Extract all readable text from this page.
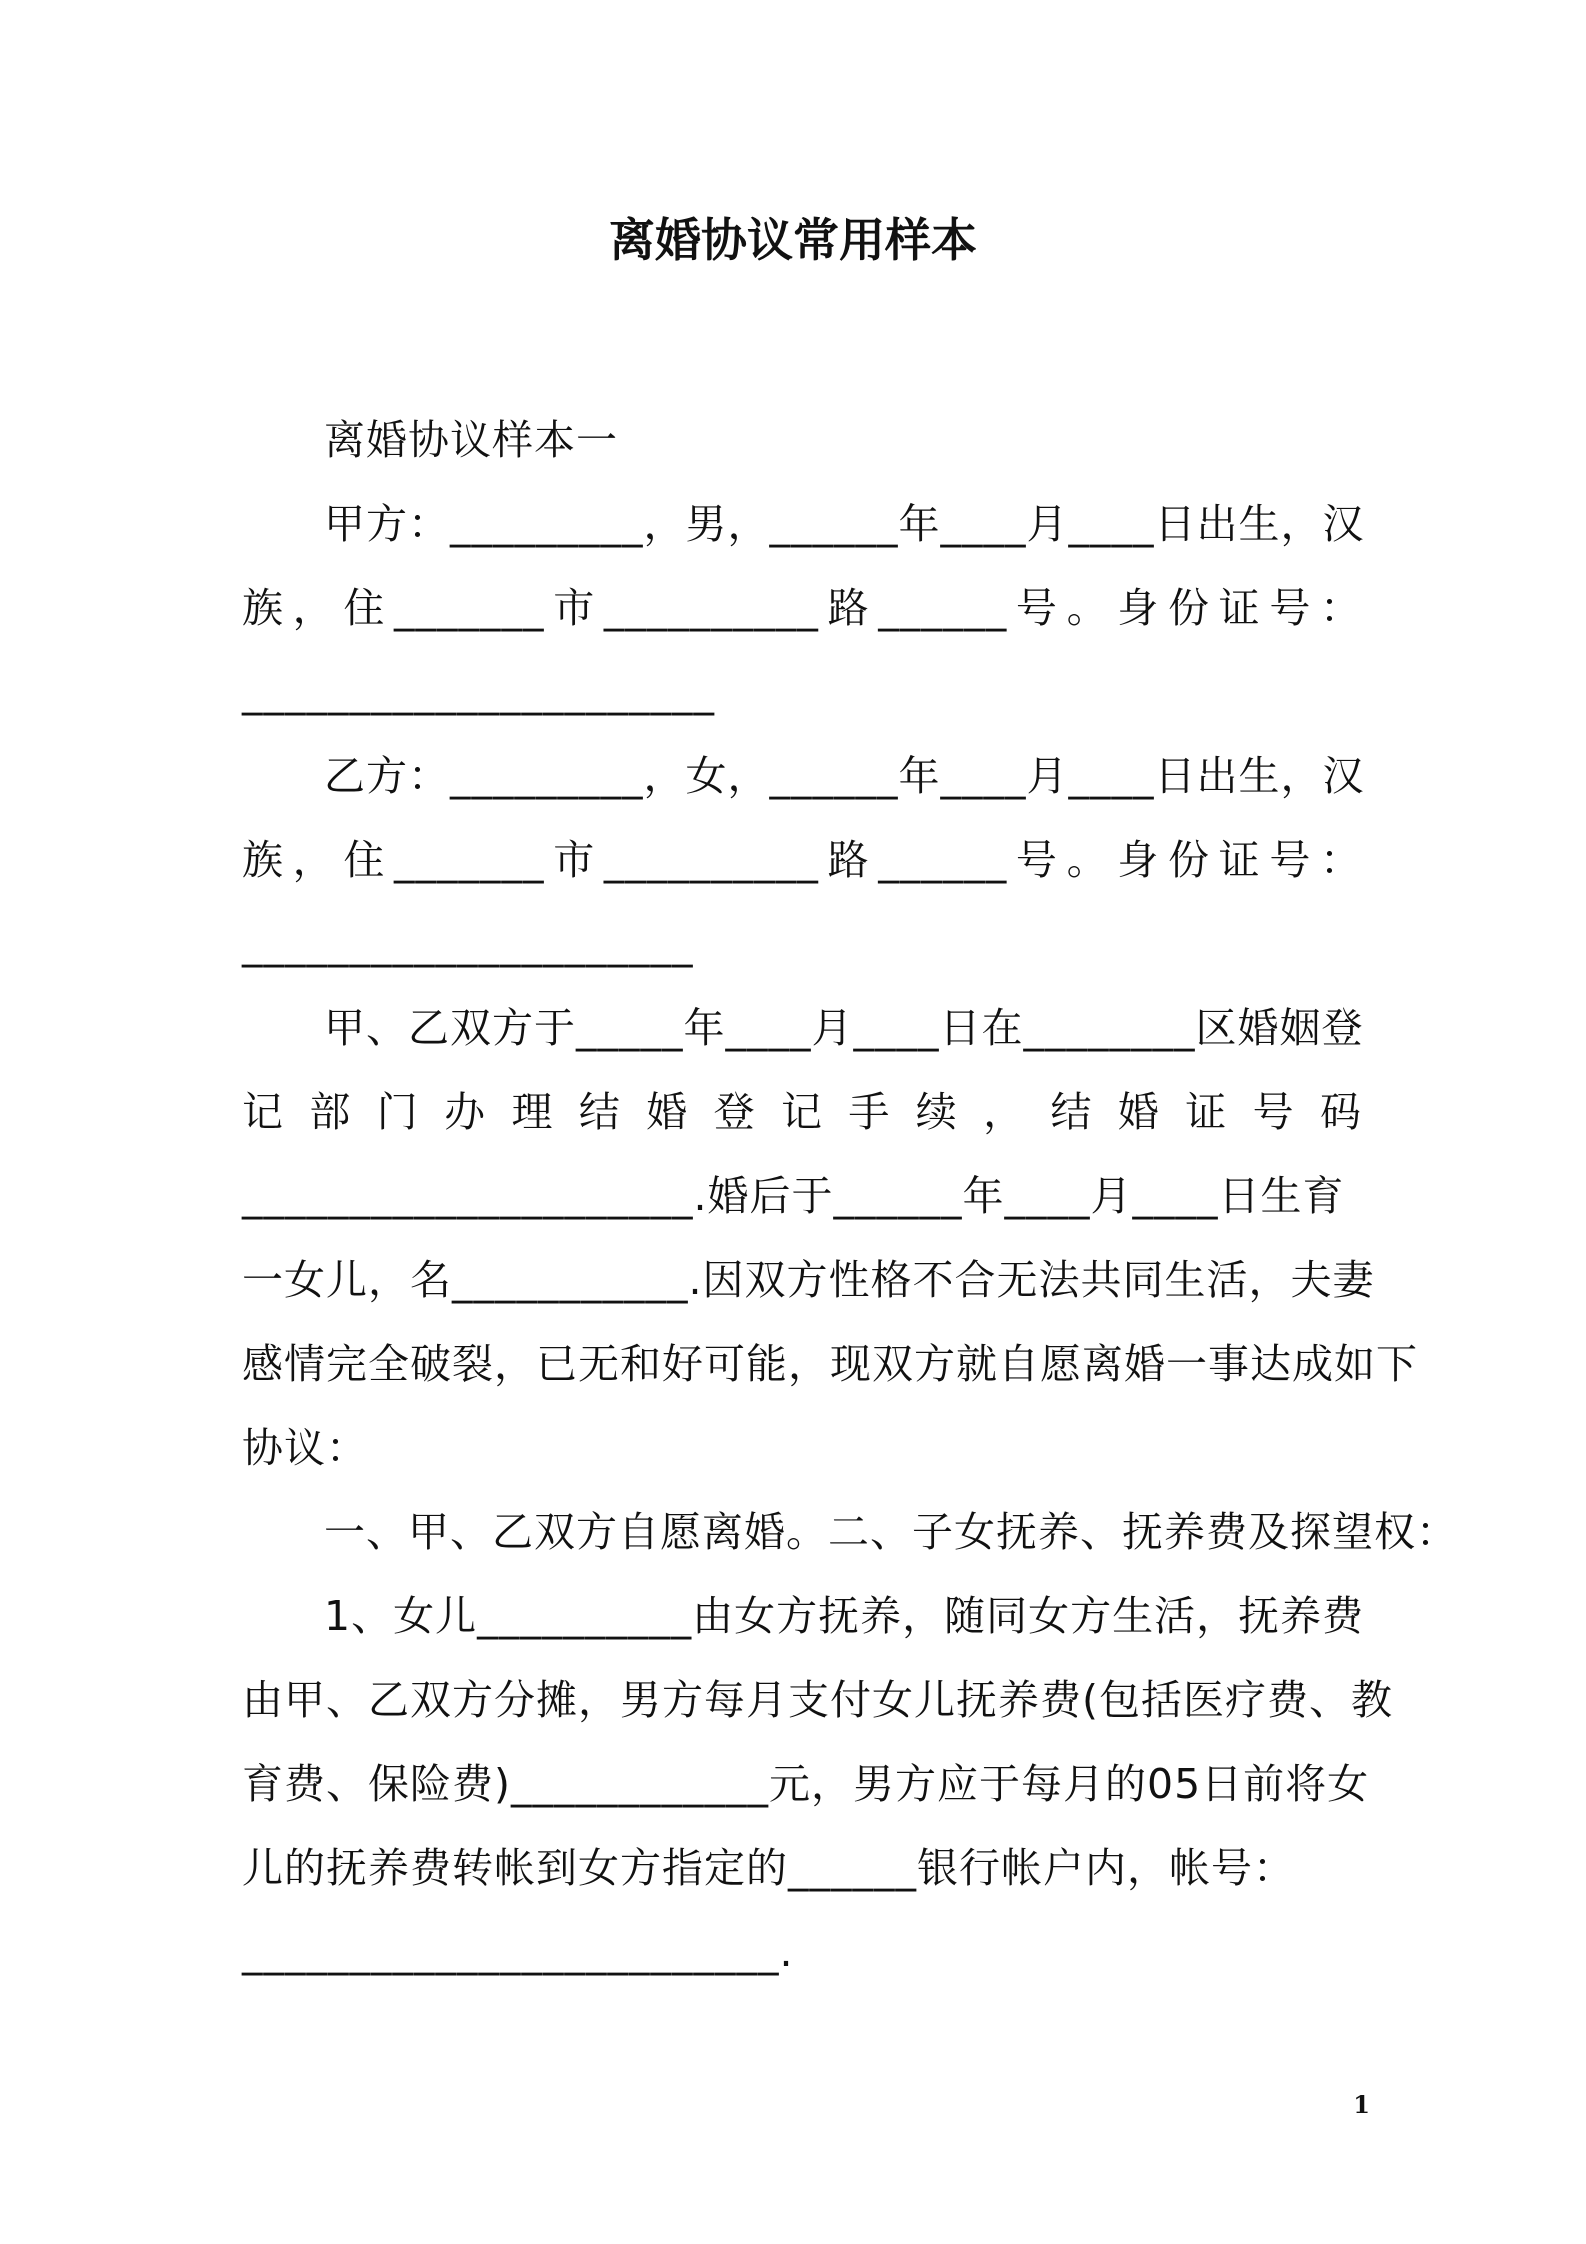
离婚协议常用样本
离婚协议样本一
甲方：_________，男，______年____月____日出生，汉
族，住_______市__________路______号。身份证号：
______________________
乙方：_________，女，______年____月____日出生，汉
族，住_______市__________路______号。身份证号：
_____________________
甲、乙双方于_____年____月____日在________区婚姻登
记部门办理结婚登记手续，结婚证号码
_____________________.婚后于______年____月____日生育
一女儿，名___________.因双方性格不合无法共同生活，夫妻
感情完全破裂，已无和好可能，现双方就自愿离婚一事达成如下
协议：
一、甲、乙双方自愿离婚。二、子女抚养、抚养费及探望权：
1、女儿__________由女方抚养，随同女方生活，抚养费
由甲、乙双方分摊，男方每月支付女儿抚养费(包括医疗费、教
育费、保险费)____________元，男方应于每月的05日前将女
儿的抚养费转帐到女方指定的______银行帐户内，帐号：
_________________________.
1
